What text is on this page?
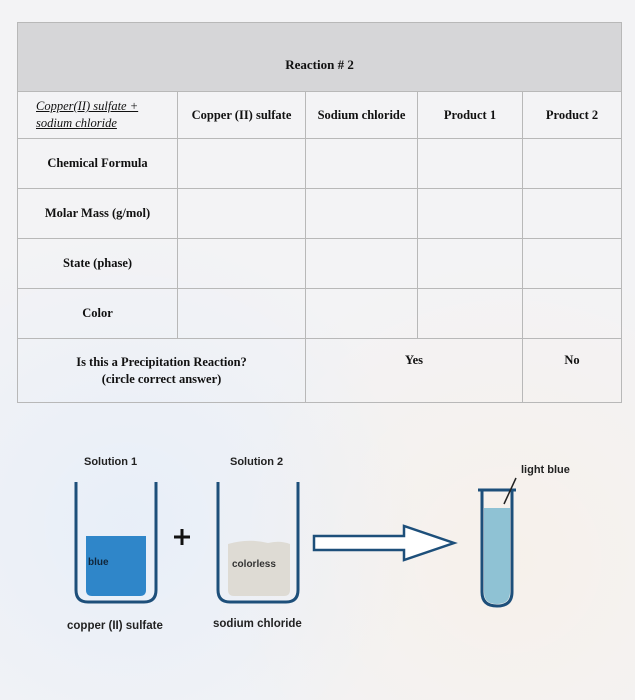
Reaction # 2				

Copper(II) sulfate +
sodium chloride	Copper (II) sulfate	Sodium chloride	Product 1	Product 2
Chemical Formula				
Molar Mass (g/mol)				
State (phase)				
Color				
Is this a Precipitation Reaction?
(circle correct answer)		Yes		No
Solution 1	Solution 2
light blue
blue	colorless
copper (II) sulfate	sodium chloride
